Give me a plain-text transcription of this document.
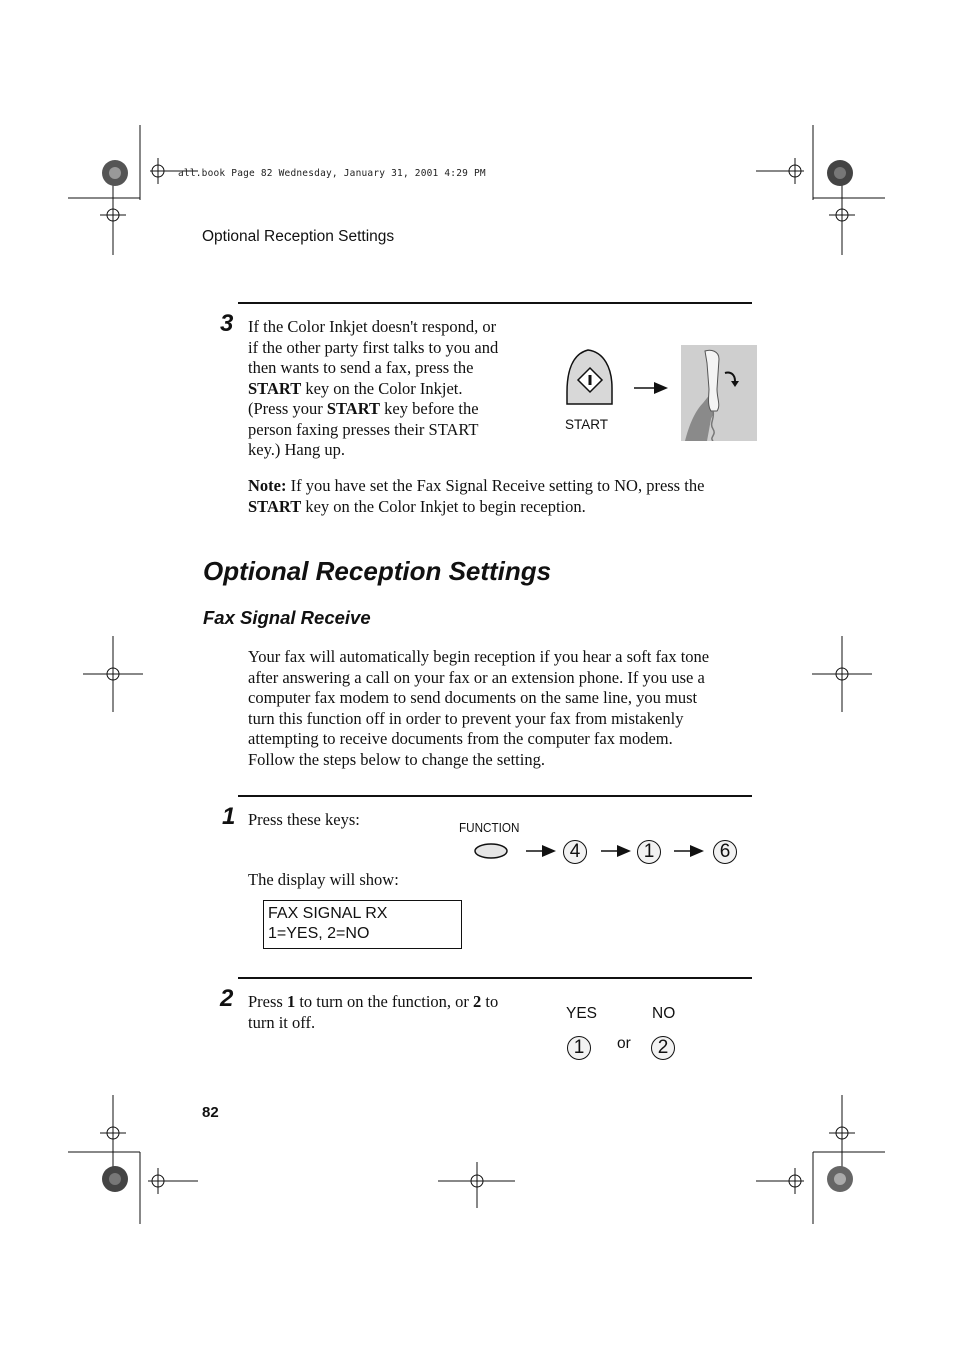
all.book Page 82 Wednesday, January 31, 2001 4:29 PM
Optional Reception Settings
3 If the Color Inkjet doesn't respond, or
if the other party first talks to you and
then wants to send a fax, press the
START key on the Color Inkjet.
(Press your START key before the
person faxing presses their START
key.) Hang up.
START
Note: If you have set the Fax Signal Receive setting to NO, press the
START key on the Color Inkjet to begin reception.
Optional Reception Settings
Fax Signal Receive
Your fax will automatically begin reception if you hear a soft fax tone
after answering a call on your fax or an extension phone. If you use a
computer fax modem to send documents on the same line, you must
turn this function off in order to prevent your fax from mistakenly
attempting to receive documents from the computer fax modem.
Follow the steps below to change the setting.
1 Press these keys:	FUNCTION
4	1	6
The display will show:
FAX SIGNAL RX
1=YES, 2=NO
2 Press 1 to turn on the function, or 2 to
turn it off.	YES	NO
1	or	2
82
